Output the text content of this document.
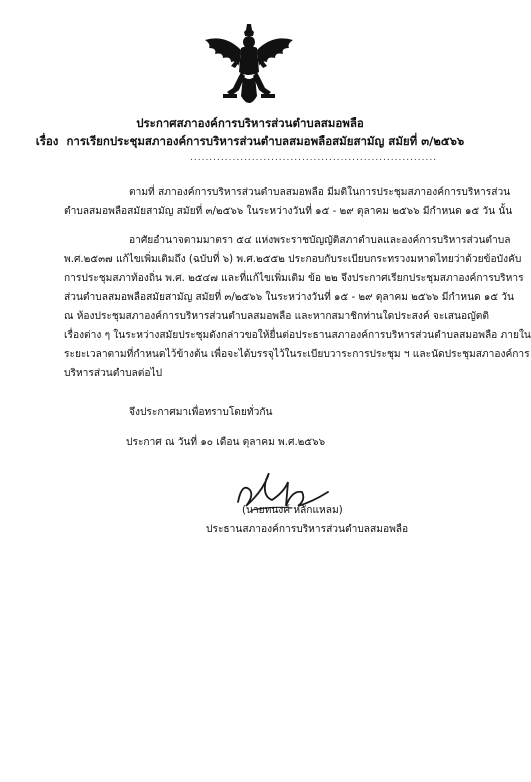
ประกาศสภาองค์การบริหารส่วนตำบลสมอพลือ
เรื่อง การเรียกประชุมสภาองค์การบริหารส่วนตำบลสมอพลือสมัยสามัญ สมัยที่ ๓/๒๕๖๖
................................................................
ตามที่ สภาองค์การบริหารส่วนตำบลสมอพลือ มีมติในการประชุมสภาองค์การบริหารส่วน
ตำบลสมอพลือสมัยสามัญ สมัยที่ ๓/๒๕๖๖ ในระหว่างวันที่ ๑๕ - ๒๙ ตุลาคม ๒๕๖๖ มีกำหนด ๑๕ วัน นั้น
อาศัยอำนาจตามมาตรา ๕๔ แห่งพระราชบัญญัติสภาตำบลและองค์การบริหารส่วนตำบล
พ.ศ.๒๕๓๗ แก้ไขเพิ่มเติมถึง (ฉบับที่ ๖) พ.ศ.๒๕๕๒ ประกอบกับระเบียบกระทรวงมหาดไทยว่าด้วยข้อบังคับ
การประชุมสภาท้องถิ่น พ.ศ. ๒๕๔๗ และที่แก้ไขเพิ่มเติม ข้อ ๒๒ จึงประกาศเรียกประชุมสภาองค์การบริหาร
ส่วนตำบลสมอพลือสมัยสามัญ สมัยที่ ๓/๒๕๖๖ ในระหว่างวันที่ ๑๕ - ๒๙ ตุลาคม ๒๕๖๖ มีกำหนด ๑๕ วัน
ณ ห้องประชุมสภาองค์การบริหารส่วนตำบลสมอพลือ และหากสมาชิกท่านใดประสงค์ จะเสนอญัตติ
เรื่องต่าง ๆ ในระหว่างสมัยประชุมดังกล่าวขอให้ยื่นต่อประธานสภาองค์การบริหารส่วนตำบลสมอพลือ ภายใน
ระยะเวลาตามที่กำหนดไว้ข้างต้น เพื่อจะได้บรรจุไว้ในระเบียบวาระการประชุม ฯ และนัดประชุมสภาองค์การ
บริหารส่วนตำบลต่อไป
จึงประกาศมาเพื่อทราบโดยทั่วกัน
ประกาศ ณ วันที่ ๑๐ เดือน ตุลาคม พ.ศ.๒๕๖๖
(นายทนงค์ หลักแหลม)
ประธานสภาองค์การบริหารส่วนตำบลสมอพลือ
